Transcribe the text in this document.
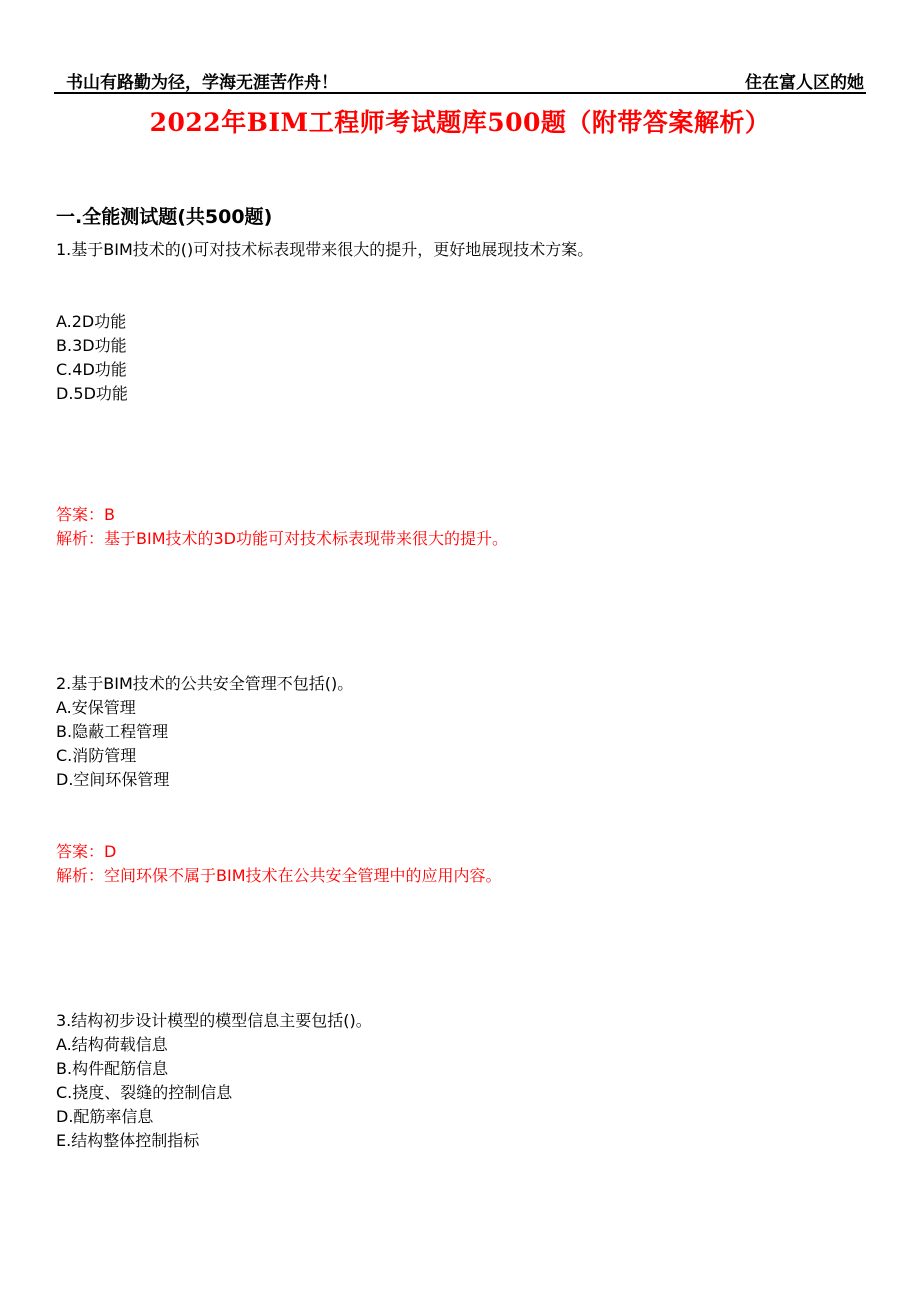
书山有路勤为径，学海无涯苦作舟！	住在富人区的她
2022年BIM工程师考试题库500题（附带答案解析）
一.全能测试题(共500题)
1.基于BIM技术的()可对技术标表现带来很大的提升，更好地展现技术方案。
A.2D功能
B.3D功能
C.4D功能
D.5D功能
答案：B
解析：基于BIM技术的3D功能可对技术标表现带来很大的提升。
2.基于BIM技术的公共安全管理不包括()。
A.安保管理
B.隐蔽工程管理
C.消防管理
D.空间环保管理
答案：D
解析：空间环保不属于BIM技术在公共安全管理中的应用内容。
3.结构初步设计模型的模型信息主要包括()。
A.结构荷载信息
B.构件配筋信息
C.挠度、裂缝的控制信息
D.配筋率信息
E.结构整体控制指标
